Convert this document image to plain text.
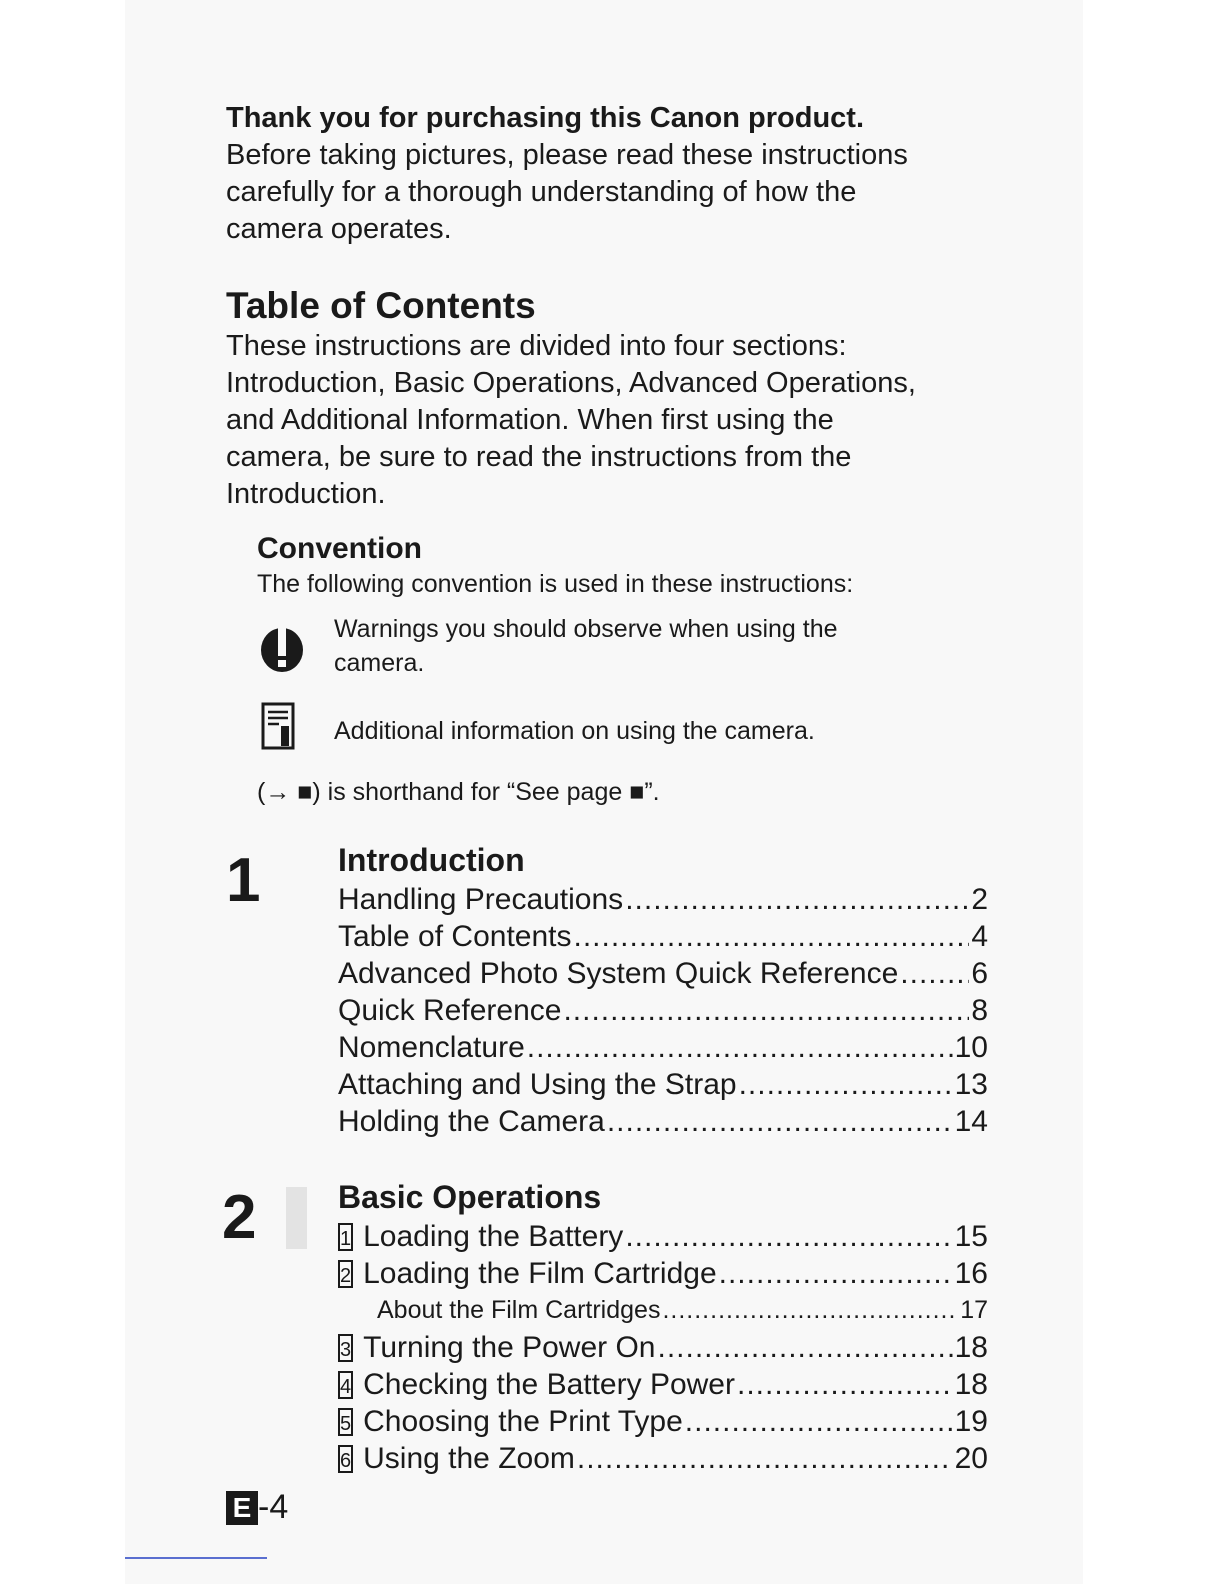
Thank you for purchasing this Canon product.
Before taking pictures, please read these instructions
carefully for a thorough understanding of how the
camera operates.
Table of Contents
These instructions are divided into four sections:
Introduction, Basic Operations, Advanced Operations,
and Additional Information. When first using the
camera, be sure to read the instructions from the
Introduction.
Convention
The following convention is used in these instructions:
Warnings you should observe when using the
camera.
Additional information on using the camera.
(→ ■) is shorthand for “See page ■”.
1 Introduction
Handling Precautions .....	2
Table of Contents .....	4
Advanced Photo System Quick Reference ..... 6
Quick Reference .....	8
Nomenclature .....	10
Attaching and Using the Strap .....	13
Holding the Camera .....	14
2	Basic Operations
1 Loading the Battery .....	15
2 Loading the Film Cartridge .....	16
About the Film Cartridges .....	17
3 Turning the Power On .....	18
4 Checking the Battery Power .....	18
5 Choosing the Print Type .....	19
6 Using the Zoom .....	20
E -4
